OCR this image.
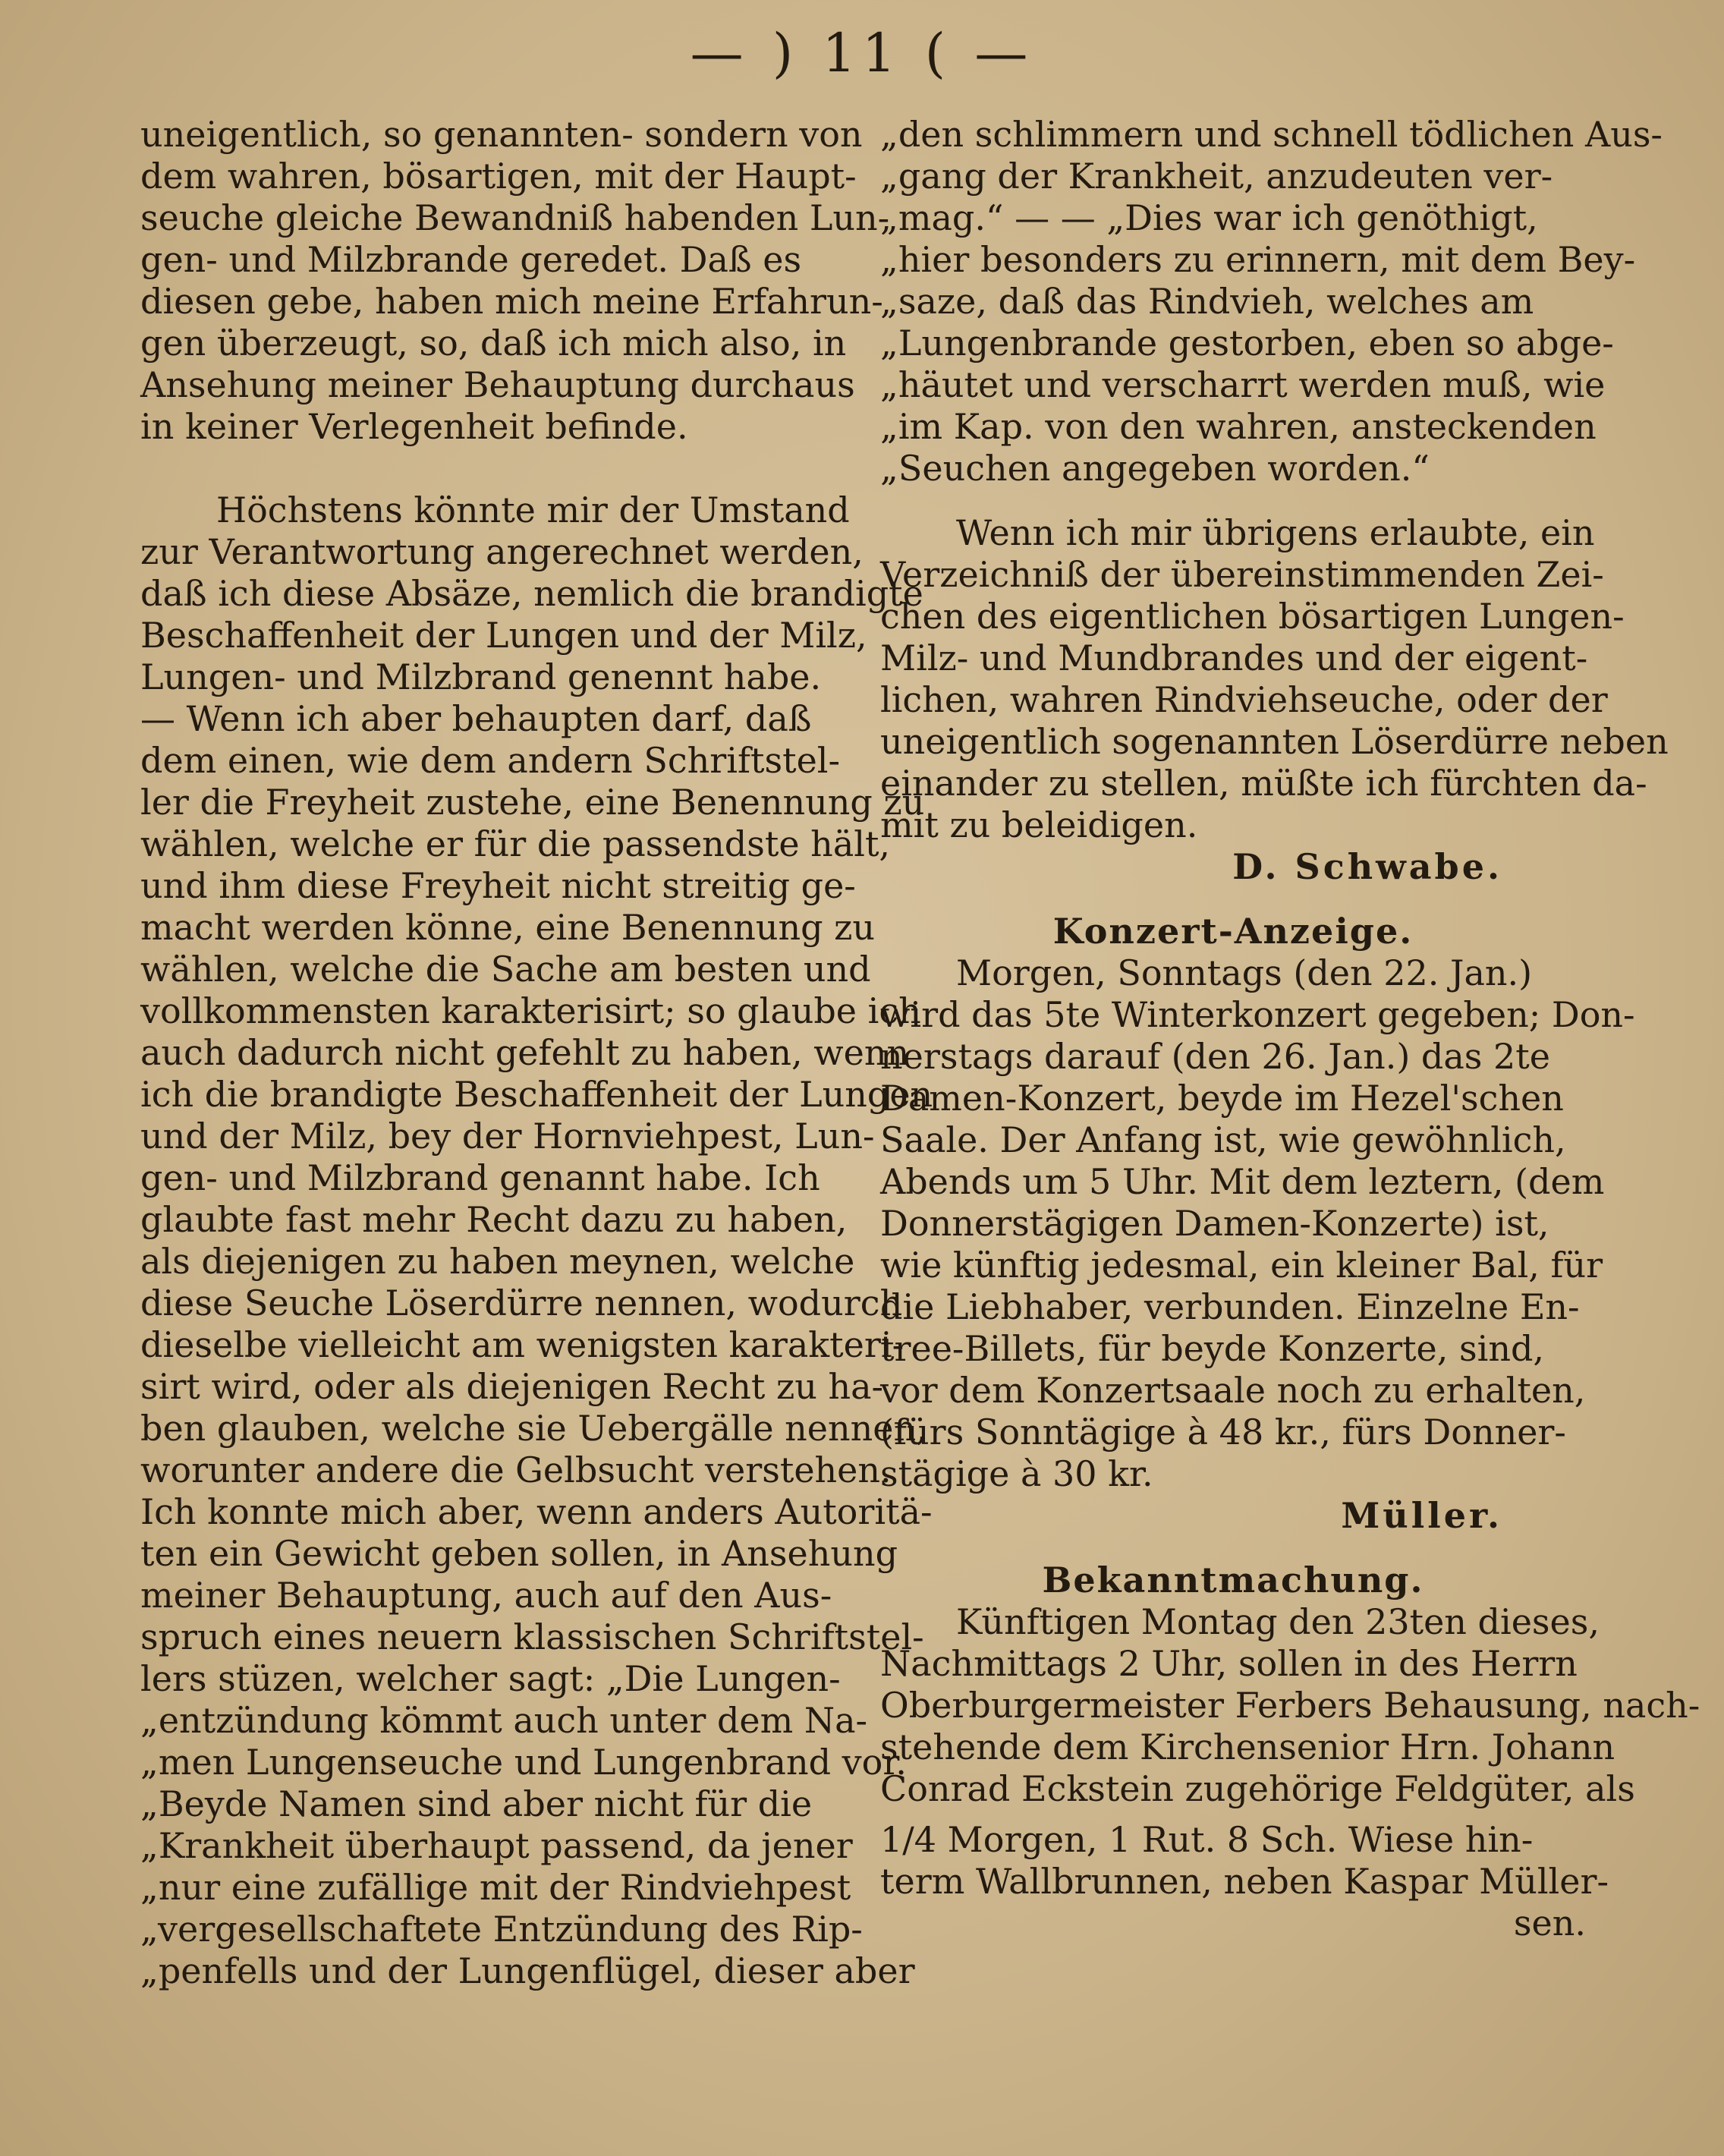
— ) 11 ( —

uneigentlich, so genannten- sondern von
dem wahren, bösartigen, mit der Haupt-
seuche gleiche Bewandniß habenden Lun-
gen- und Milzbrande geredet. Daß es
diesen gebe, haben mich meine Erfahrun-
gen überzeugt, so, daß ich mich also, in
Ansehung meiner Behauptung durchaus
in keiner Verlegenheit befinde.

Höchstens könnte mir der Umstand
zur Verantwortung angerechnet werden,
daß ich diese Absäze, nemlich die brandigte
Beschaffenheit der Lungen und der Milz,
Lungen- und Milzbrand genennt habe.
— Wenn ich aber behaupten darf, daß
dem einen, wie dem andern Schriftstel-
ler die Freyheit zustehe, eine Benennung zu
wählen, welche er für die passendste hält,
und ihm diese Freyheit nicht streitig ge-
macht werden könne, eine Benennung zu
wählen, welche die Sache am besten und
vollkommensten karakterisirt; so glaube ich
auch dadurch nicht gefehlt zu haben, wenn
ich die brandigte Beschaffenheit der Lungen
und der Milz, bey der Hornviehpest, Lun-
gen- und Milzbrand genannt habe. Ich
glaubte fast mehr Recht dazu zu haben,
als diejenigen zu haben meynen, welche
diese Seuche Löserdürre nennen, wodurch
dieselbe vielleicht am wenigsten karakteri-
sirt wird, oder als diejenigen Recht zu ha-
ben glauben, welche sie Uebergälle nennen,
worunter andere die Gelbsucht verstehen.
Ich konnte mich aber, wenn anders Autoritä-
ten ein Gewicht geben sollen, in Ansehung
meiner Behauptung, auch auf den Aus-
spruch eines neuern klassischen Schriftstel-
lers stüzen, welcher sagt: „Die Lungen-
„entzündung kömmt auch unter dem Na-
„men Lungenseuche und Lungenbrand vor.
„Beyde Namen sind aber nicht für die
„Krankheit überhaupt passend, da jener
„nur eine zufällige mit der Rindviehpest
„vergesellschaftete Entzündung des Rip-
„penfells und der Lungenflügel, dieser aber

„den schlimmern und schnell tödlichen Aus-
„gang der Krankheit, anzudeuten ver-
„mag.“ — — „Dies war ich genöthigt,
„hier besonders zu erinnern, mit dem Bey-
„saze, daß das Rindvieh, welches am
„Lungenbrande gestorben, eben so abge-
„häutet und verscharrt werden muß, wie
„im Kap. von den wahren, ansteckenden
„Seuchen angegeben worden.“

Wenn ich mir übrigens erlaubte, ein
Verzeichniß der übereinstimmenden Zei-
chen des eigentlichen bösartigen Lungen-
Milz- und Mundbrandes und der eigent-
lichen, wahren Rindviehseuche, oder der
uneigentlich sogenannten Löserdürre neben
einander zu stellen, müßte ich fürchten da-
mit zu beleidigen.

D. Schwabe.

Konzert-Anzeige.

Morgen, Sonntags (den 22. Jan.)
wird das 5te Winterkonzert gegeben; Don-
nerstags darauf (den 26. Jan.) das 2te
Damen-Konzert, beyde im Hezel'schen
Saale. Der Anfang ist, wie gewöhnlich,
Abends um 5 Uhr. Mit dem leztern, (dem
Donnerstägigen Damen-Konzerte) ist,
wie künftig jedesmal, ein kleiner Bal, für
die Liebhaber, verbunden. Einzelne En-
tree-Billets, für beyde Konzerte, sind,
vor dem Konzertsaale noch zu erhalten,
(fürs Sonntägige à 48 kr., fürs Donner-
stägige à 30 kr.

Müller.

Bekanntmachung.

Künftigen Montag den 23ten dieses,
Nachmittags 2 Uhr, sollen in des Herrn
Oberburgermeister Ferbers Behausung, nach-
stehende dem Kirchensenior Hrn. Johann
Conrad Eckstein zugehörige Feldgüter, als
1/4 Morgen, 1 Rut. 8 Sch. Wiese hin-
term Wallbrunnen, neben Kaspar Müller-
sen.
